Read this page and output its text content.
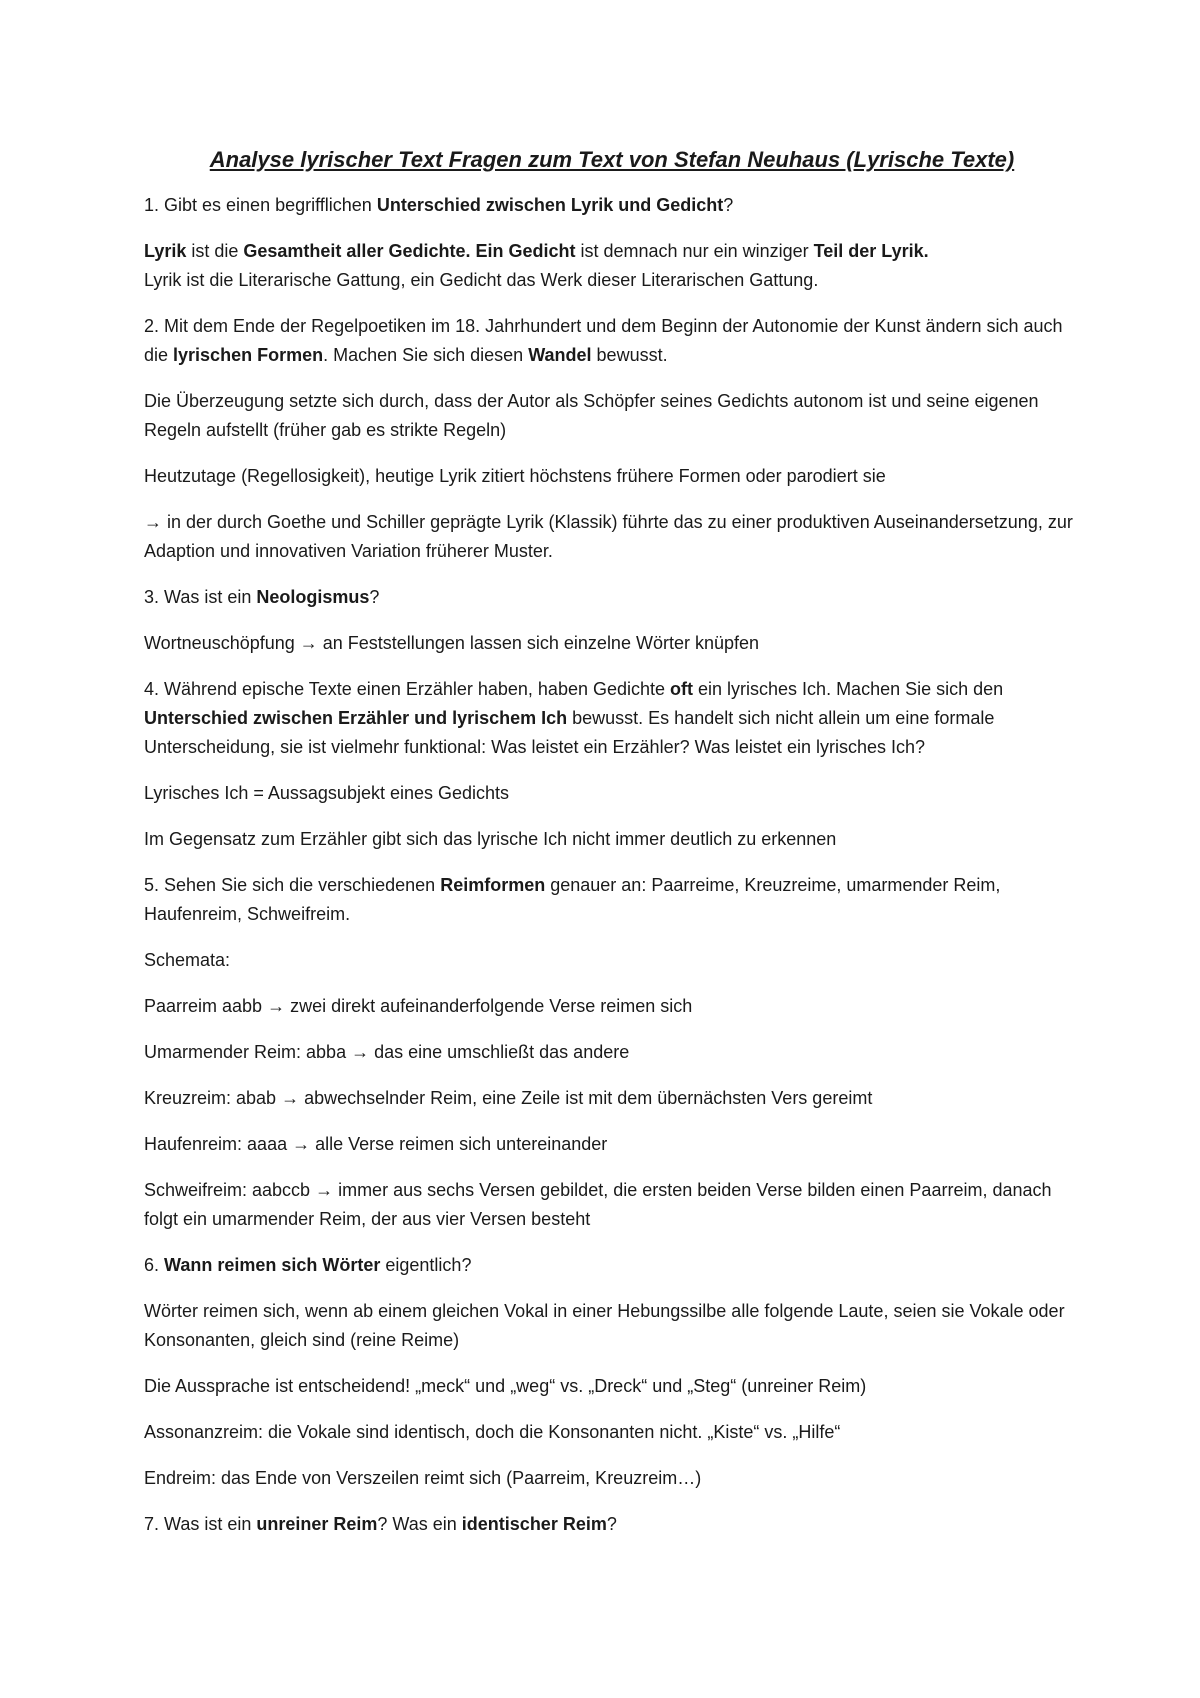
Analyse lyrischer Text Fragen zum Text von Stefan Neuhaus (Lyrische Texte)

1. Gibt es einen begrifflichen Unterschied zwischen Lyrik und Gedicht?

Lyrik ist die Gesamtheit aller Gedichte. Ein Gedicht ist demnach nur ein winziger Teil der Lyrik.
Lyrik ist die Literarische Gattung, ein Gedicht das Werk dieser Literarischen Gattung.

2. Mit dem Ende der Regelpoetiken im 18. Jahrhundert und dem Beginn der Autonomie der Kunst ändern sich auch die lyrischen Formen. Machen Sie sich diesen Wandel bewusst.

Die Überzeugung setzte sich durch, dass der Autor als Schöpfer seines Gedichts autonom ist und seine eigenen Regeln aufstellt (früher gab es strikte Regeln)

Heutzutage (Regellosigkeit), heutige Lyrik zitiert höchstens frühere Formen oder parodiert sie

→ in der durch Goethe und Schiller geprägte Lyrik (Klassik) führte das zu einer produktiven Auseinandersetzung, zur Adaption und innovativen Variation früherer Muster.

3. Was ist ein Neologismus?

Wortneuschöpfung → an Feststellungen lassen sich einzelne Wörter knüpfen

4. Während epische Texte einen Erzähler haben, haben Gedichte oft ein lyrisches Ich. Machen Sie sich den Unterschied zwischen Erzähler und lyrischem Ich bewusst. Es handelt sich nicht allein um eine formale Unterscheidung, sie ist vielmehr funktional: Was leistet ein Erzähler? Was leistet ein lyrisches Ich?

Lyrisches Ich = Aussagsubjekt eines Gedichts

Im Gegensatz zum Erzähler gibt sich das lyrische Ich nicht immer deutlich zu erkennen

5. Sehen Sie sich die verschiedenen Reimformen genauer an: Paarreime, Kreuzreime, umarmender Reim, Haufenreim, Schweifreim.

Schemata:

Paarreim aabb → zwei direkt aufeinanderfolgende Verse reimen sich

Umarmender Reim: abba → das eine umschließt das andere

Kreuzreim: abab → abwechselnder Reim, eine Zeile ist mit dem übernächsten Vers gereimt

Haufenreim: aaaa → alle Verse reimen sich untereinander

Schweifreim: aabccb → immer aus sechs Versen gebildet, die ersten beiden Verse bilden einen Paarreim, danach folgt ein umarmender Reim, der aus vier Versen besteht

6. Wann reimen sich Wörter eigentlich?

Wörter reimen sich, wenn ab einem gleichen Vokal in einer Hebungssilbe alle folgende Laute, seien sie Vokale oder Konsonanten, gleich sind (reine Reime)

Die Aussprache ist entscheidend! „meck“ und „weg“ vs. „Dreck“ und „Steg“ (unreiner Reim)

Assonanzreim: die Vokale sind identisch, doch die Konsonanten nicht. „Kiste“ vs. „Hilfe“

Endreim: das Ende von Verszeilen reimt sich (Paarreim, Kreuzreim…)

7. Was ist ein unreiner Reim? Was ein identischer Reim?
